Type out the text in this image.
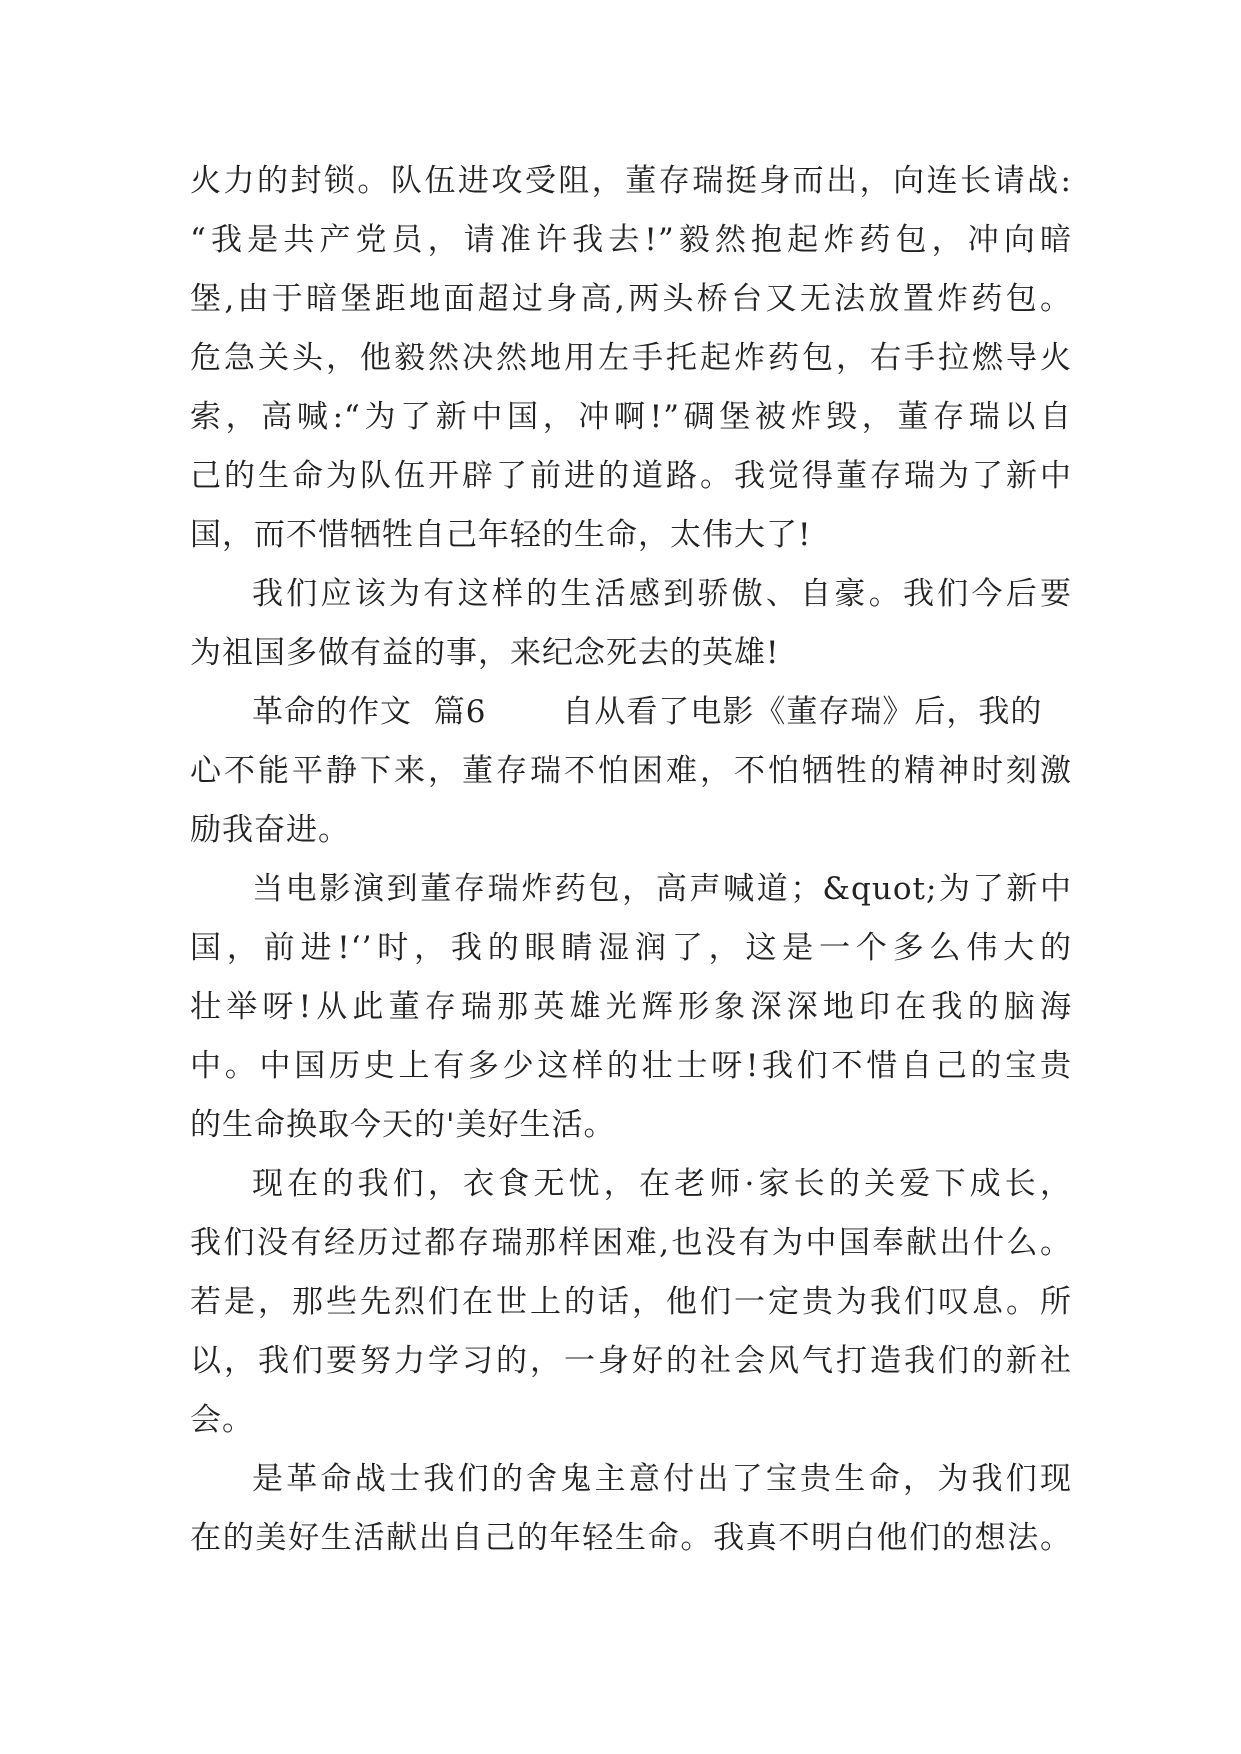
火力的封锁。队伍进攻受阻，董存瑞挺身而出，向连长请战:
“我是共产党员，请准许我去!”毅然抱起炸药包，冲向暗
堡,由于暗堡距地面超过身高,两头桥台又无法放置炸药包。
危急关头，他毅然决然地用左手托起炸药包，右手拉燃导火
索，高喊:“为了新中国，冲啊!”碉堡被炸毁，董存瑞以自
己的生命为队伍开辟了前进的道路。我觉得董存瑞为了新中
国，而不惜牺牲自己年轻的生命，太伟大了!
我们应该为有这样的生活感到骄傲、自豪。我们今后要
为祖国多做有益的事，来纪念死去的英雄!
革命的作文  篇6       自从看了电影《董存瑞》后，我的
心不能平静下来，董存瑞不怕困难，不怕牺牲的精神时刻激
励我奋进。
当电影演到董存瑞炸药包，高声喊道；&quot;为了新中
国，前进!‘’时，我的眼睛湿润了，这是一个多么伟大的
壮举呀!从此董存瑞那英雄光辉形象深深地印在我的脑海
中。中国历史上有多少这样的壮士呀!我们不惜自己的宝贵
的生命换取今天的'美好生活。
现在的我们，衣食无忧，在老师·家长的关爱下成长，
我们没有经历过都存瑞那样困难,也没有为中国奉献出什么。
若是，那些先烈们在世上的话，他们一定贵为我们叹息。所
以，我们要努力学习的，一身好的社会风气打造我们的新社
会。
是革命战士我们的舍鬼主意付出了宝贵生命，为我们现
在的美好生活献出自己的年轻生命。我真不明白他们的想法。
